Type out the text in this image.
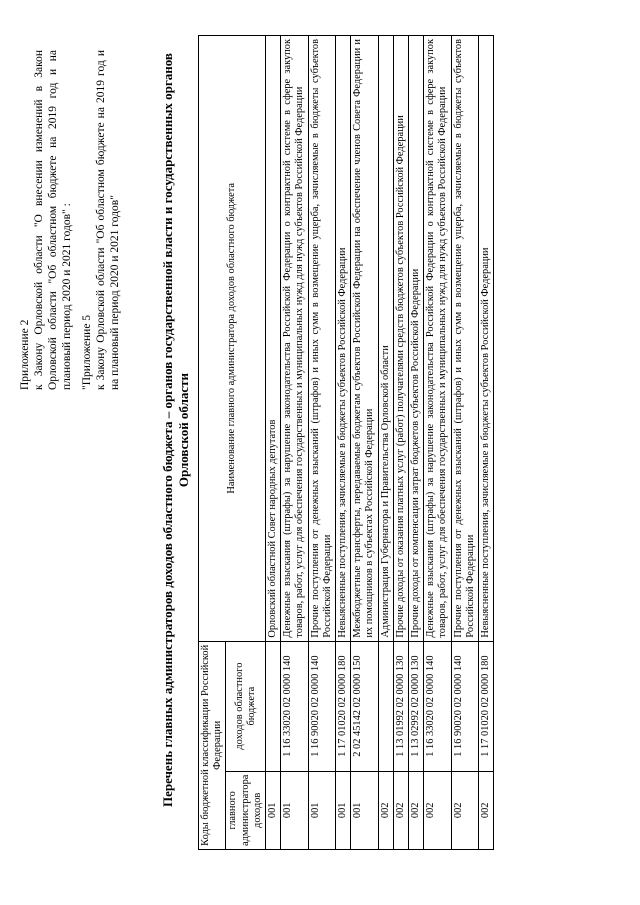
Приложение 2 к Закону Орловской области "О внесении изменений в Закон Орловской области "Об областном бюджете на 2019 год и на плановый период 2020 и 2021 годов" : "Приложение 5 к Закону Орловской области "Об областном бюджете на 2019 год и на плановый период 2020 и 2021 годов"	Перечень главных администраторов доходов областного бюджета – органов государственной власти и государственных органов Орловской области
Коды бюджетной классификации Российской Федерации		Наименование главного администратора доходов областного бюджета
главного администратора доходов	доходов областного бюджета	
001		Орловский областной Совет народных депутатов
001	1 16 33020 02 0000 140	Денежные взыскания (штрафы) за нарушение законодательства Российской Федерации о контрактной системе в сфере закупок товаров, работ, услуг для обеспечения государственных и муниципальных нужд для нужд субъектов Российской Федерации
001	1 16 90020 02 0000 140	Прочие поступления от денежных взысканий (штрафов) и иных сумм в возмещение ущерба, зачисляемые в бюджеты субъектов Российской Федерации
001	1 17 01020 02 0000 180	Невыясненные поступления, зачисляемые в бюджеты субъектов Российской Федерации
001	2 02 45142 02 0000 150	Межбюджетные трансферты, передаваемые бюджетам субъектов Российской Федерации на обеспечение членов Совета Федерации и их помощников в субъектах Российской Федерации
002		Администрация Губернатора и Правительства Орловской области
002	1 13 01992 02 0000 130	Прочие доходы от оказания платных услуг (работ) получателями средств бюджетов субъектов Российской Федерации
002	1 13 02992 02 0000 130	Прочие доходы от компенсации затрат бюджетов субъектов Российской Федерации
002	1 16 33020 02 0000 140	Денежные взыскания (штрафы) за нарушение законодательства Российской Федерации о контрактной системе в сфере закупок товаров, работ, услуг для обеспечения государственных и муниципальных нужд для нужд субъектов Российской Федерации
002	1 16 90020 02 0000 140	Прочие поступления от денежных взысканий (штрафов) и иных сумм в возмещение ущерба, зачисляемые в бюджеты субъектов Российской Федерации
002	1 17 01020 02 0000 180	Невыясненные поступления, зачисляемые в бюджеты субъектов Российской Федерации
